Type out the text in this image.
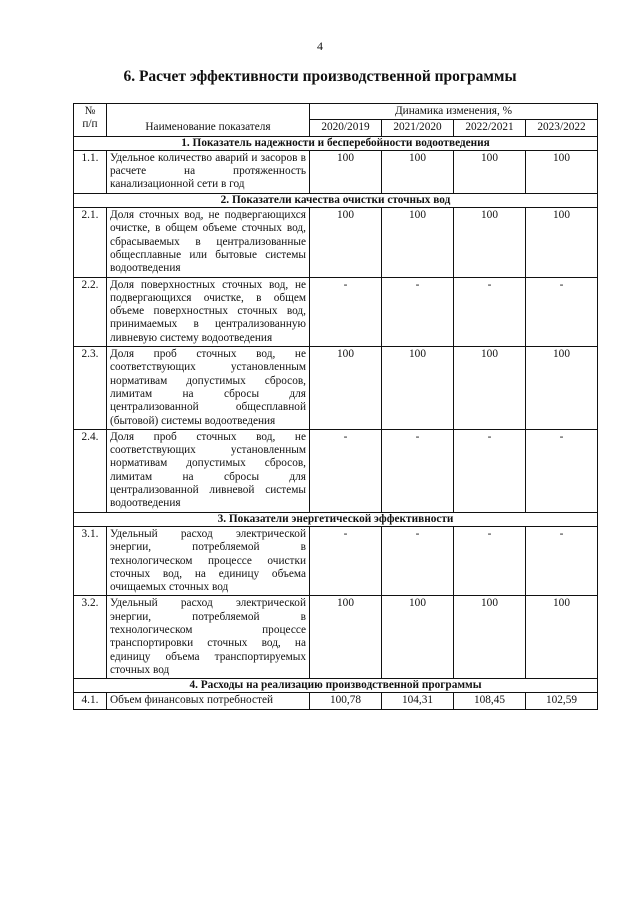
4
6. Расчет эффективности производственной программы
№
п/п	Наименование показателя	Динамика изменения, %			
		2020/2019	2021/2020	2022/2021	2023/2022
1. Показатель надежности и бесперебойности водоотведения					
1.1.	Удельное количество аварий и засоров в расчете на протяженность канализационной сети в год	100	100	100	100
2. Показатели качества очистки сточных вод					
2.1.	Доля сточных вод, не подвергающихся очистке, в общем объеме сточных вод, сбрасываемых в централизованные общесплавные или бытовые системы водоотведения	100	100	100	100
2.2.	Доля поверхностных сточных вод, не подвергающихся очистке, в общем объеме поверхностных сточных вод, принимаемых в централизованную ливневую систему водоотведения	-	-	-	-
2.3.	Доля проб сточных вод, не соответствующих установленным нормативам допустимых сбросов, лимитам на сбросы для централизованной общесплавной (бытовой) системы водоотведения	100	100	100	100
2.4.	Доля проб сточных вод, не соответствующих установленным нормативам допустимых сбросов, лимитам на сбросы для централизованной ливневой системы водоотведения	-	-	-	-
3. Показатели энергетической эффективности					
3.1.	Удельный расход электрической энергии, потребляемой в технологическом процессе очистки сточных вод, на единицу объема очищаемых сточных вод	-	-	-	-
3.2.	Удельный расход электрической энергии, потребляемой в технологическом процессе транспортировки сточных вод, на единицу объема транспортируемых сточных вод	100	100	100	100
4. Расходы на реализацию производственной программы					
4.1.	Объем финансовых потребностей	100,78	104,31	108,45	102,59
